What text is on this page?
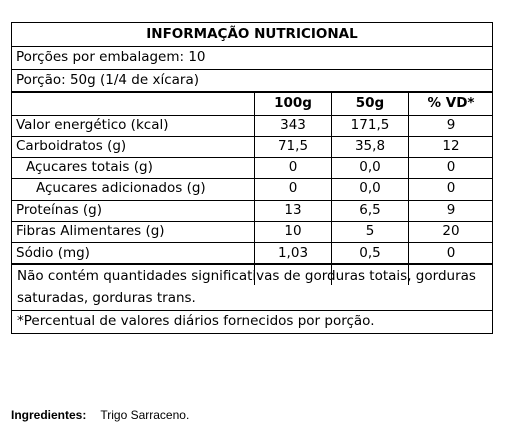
INFORMAÇÃO NUTRICIONAL
Porções por embalagem: 10
Porção: 50g (1/4 de xícara)
100g	50g	% VD*
Valor energético (kcal)	343	171,5	9
Carboidratos (g)	71,5	35,8	12
Açucares totais (g)	0	0,0	0
Açucares adicionados (g)	0	0,0	0
Proteínas (g)	13	6,5	9
Fibras Alimentares (g)	10	5	20
Sódio (mg)	1,03	0,5	0
Não contém quantidades significativas de gorduras totais, gorduras saturadas, gorduras trans.
*Percentual de valores diários fornecidos por porção.
Ingredientes: Trigo Sarraceno.
